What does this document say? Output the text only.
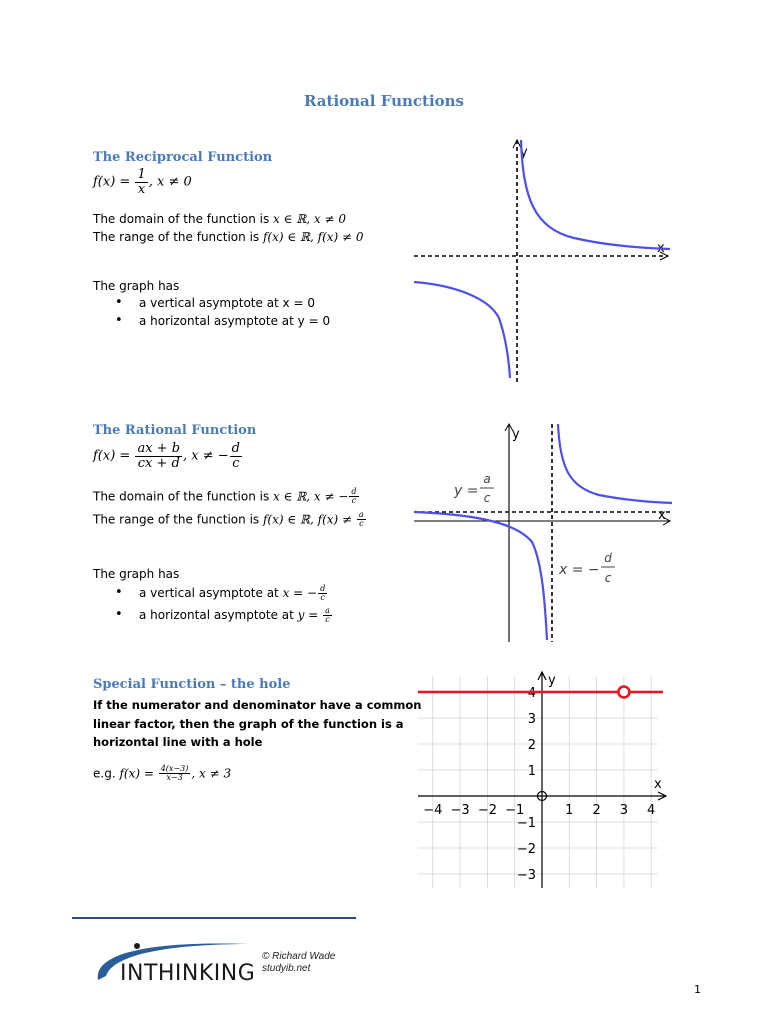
Rational Functions
The Reciprocal Function
$f(x) = \frac{1}{x}$ , x ≠ 0
The domain of the function is x ∈ ℝ, x ≠ 0
The range of the function is f(x) ∈ ℝ, f(x) ≠ 0
The graph has
• a vertical asymptote at x = 0
• a horizontal asymptote at y = 0
y
x
The Rational Function
$f(x) = \frac{ax + b}{cx + d}$ , x ≠ − $\frac{d}{c}$
The domain of the function is x ∈ ℝ, x ≠ − $\frac{d}{c}$
The range of the function is f(x) ∈ ℝ, $f(x) \ne \frac{a}{c}$
The graph has
• a vertical asymptote at x = − $\frac{d}{c}$
• a horizontal asymptote at $y = \frac{a}{c}$
y
x
y =
a
c
x = −
d
c
Special Function – the hole
If the numerator and denominator have a common
linear factor, then the graph of the function is a
horizontal line with a hole
e.g. $f(x) = \frac{4(x-3)}{x-3}$ , x ≠ 3
y
x
−4 −3 −2 −1	1 2 3 4
4
3
2
1
−1
−2
−3
INTHINKING
© Richard Wade
studyib.net
1
